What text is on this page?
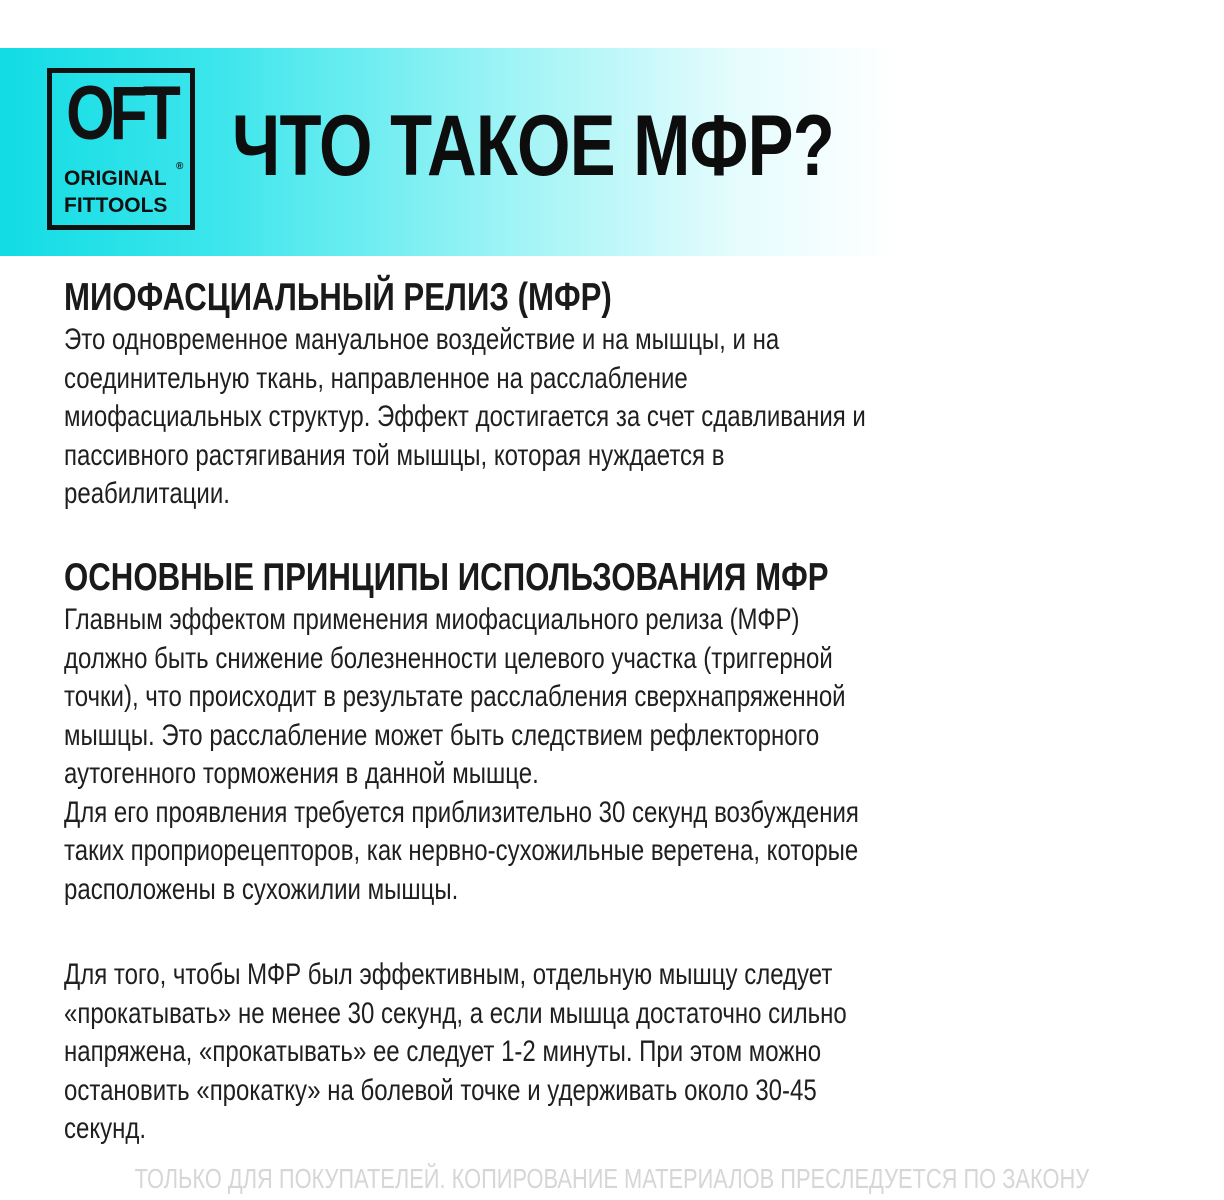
OFT
ORIGINAL
®
FITTOOLS
ЧТО ТАКОЕ МФР?
МИОФАСЦИАЛЬНЫЙ РЕЛИЗ (МФР)

Это одновременное мануальное воздействие и на мышцы, и на
соединительную ткань, направленное на расслабление
миофасциальных структур. Эффект достигается за счет сдавливания и
пассивного растягивания той мышцы, которая нуждается в
реабилитации.

ОСНОВНЫЕ ПРИНЦИПЫ ИСПОЛЬЗОВАНИЯ МФР

Главным эффектом применения миофасциального релиза (МФР)
должно быть снижение болезненности целевого участка (триггерной
точки), что происходит в результате расслабления сверхнапряженной
мышцы. Это расслабление может быть следствием рефлекторного
аутогенного торможения в данной мышце.
Для его проявления требуется приблизительно 30 секунд возбуждения
таких проприорецепторов, как нервно-сухожильные веретена, которые
расположены в сухожилии мышцы.

Для того, чтобы МФР был эффективным, отдельную мышцу следует
«прокатывать» не менее 30 секунд, а если мышца достаточно сильно
напряжена, «прокатывать» ее следует 1-2 минуты. При этом можно
остановить «прокатку» на болевой точке и удерживать около 30-45
секунд.

ТОЛЬКО ДЛЯ ПОКУПАТЕЛЕЙ. КОПИРОВАНИЕ МАТЕРИАЛОВ ПРЕСЛЕДУЕТСЯ ПО ЗАКОНУ
